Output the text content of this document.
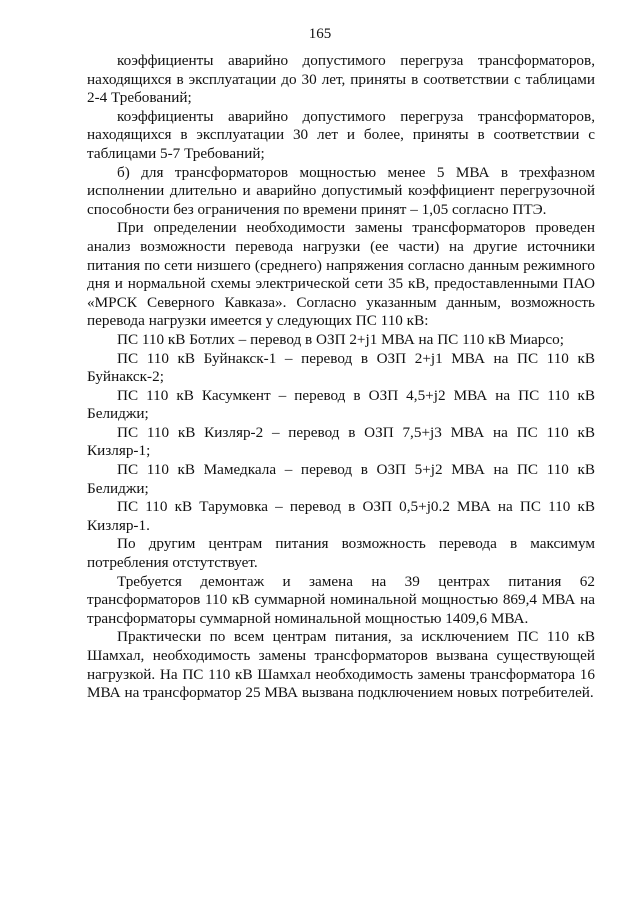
165

коэффициенты аварийно допустимого перегруза трансформаторов, находящихся в эксплуатации до 30 лет, приняты в соответствии с таблицами 2-4 Требований;

коэффициенты аварийно допустимого перегруза трансформаторов, находящихся в эксплуатации 30 лет и более, приняты в соответствии с таблицами 5-7 Требований;

б) для трансформаторов мощностью менее 5 МВА в трехфазном исполнении длительно и аварийно допустимый коэффициент перегрузочной способности без ограничения по времени принят – 1,05 согласно ПТЭ.

При определении необходимости замены трансформаторов проведен анализ возможности перевода нагрузки (ее части) на другие источники питания по сети низшего (среднего) напряжения согласно данным режимного дня и нормальной схемы электрической сети 35 кВ, предоставленными ПАО «МРСК Северного Кавказа». Согласно указанным данным, возможность перевода нагрузки имеется у следующих ПС 110 кВ:

ПС 110 кВ Ботлих – перевод в ОЗП 2+j1 МВА на ПС 110 кВ Миарсо;

ПС 110 кВ Буйнакск-1 – перевод в ОЗП 2+j1 МВА на ПС 110 кВ Буйнакск-2;

ПС 110 кВ Касумкент – перевод в ОЗП 4,5+j2 МВА на ПС 110 кВ Белиджи;

ПС 110 кВ Кизляр-2 – перевод в ОЗП 7,5+j3 МВА на ПС 110 кВ Кизляр-1;

ПС 110 кВ Мамедкала – перевод в ОЗП 5+j2 МВА на ПС 110 кВ Белиджи;

ПС 110 кВ Тарумовка – перевод в ОЗП 0,5+j0.2 МВА на ПС 110 кВ Кизляр-1.

По другим центрам питания возможность перевода в максимум потребления отстутствует.

Требуется демонтаж и замена на 39 центрах питания 62 трансформаторов 110 кВ суммарной номинальной мощностью 869,4 МВА на трансформаторы суммарной номинальной мощностью 1409,6 МВА.

Практически по всем центрам питания, за исключением ПС 110 кВ Шамхал, необходимость замены трансформаторов вызвана существующей нагрузкой. На ПС 110 кВ Шамхал необходимость замены трансформатора 16 МВА на трансформатор 25 МВА вызвана подключением новых потребителей.
